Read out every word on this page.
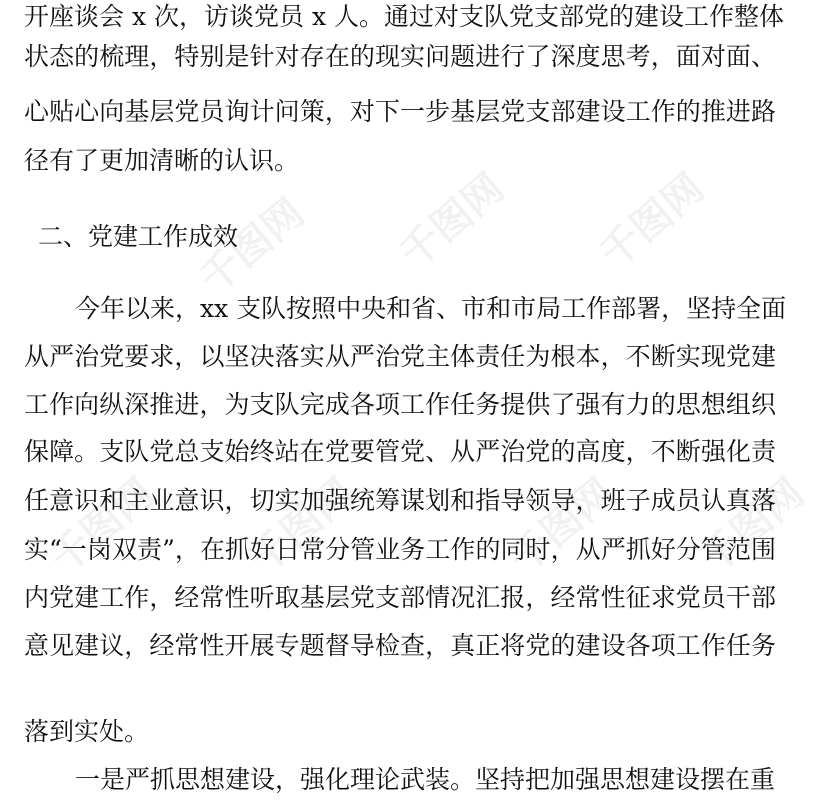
千图网 千图网 千图网
千图网 千图网	千图网 千图网
开座谈会 x 次，访谈党员 x 人。通过对支队党支部党的建设工作整体
状态的梳理，特别是针对存在的现实问题进行了深度思考，面对面、
心贴心向基层党员询计问策，对下一步基层党支部建设工作的推进路
径有了更加清晰的认识。
二、党建工作成效
今年以来，xx 支队按照中央和省、市和市局工作部署，坚持全面
从严治党要求，以坚决落实从严治党主体责任为根本，不断实现党建
工作向纵深推进，为支队完成各项工作任务提供了强有力的思想组织
保障。支队党总支始终站在党要管党、从严治党的高度，不断强化责
任意识和主业意识，切实加强统筹谋划和指导领导，班子成员认真落
实“一岗双责”，在抓好日常分管业务工作的同时，从严抓好分管范围
内党建工作，经常性听取基层党支部情况汇报，经常性征求党员干部
意见建议，经常性开展专题督导检查，真正将党的建设各项工作任务
落到实处。
一是严抓思想建设，强化理论武装。坚持把加强思想建设摆在重
